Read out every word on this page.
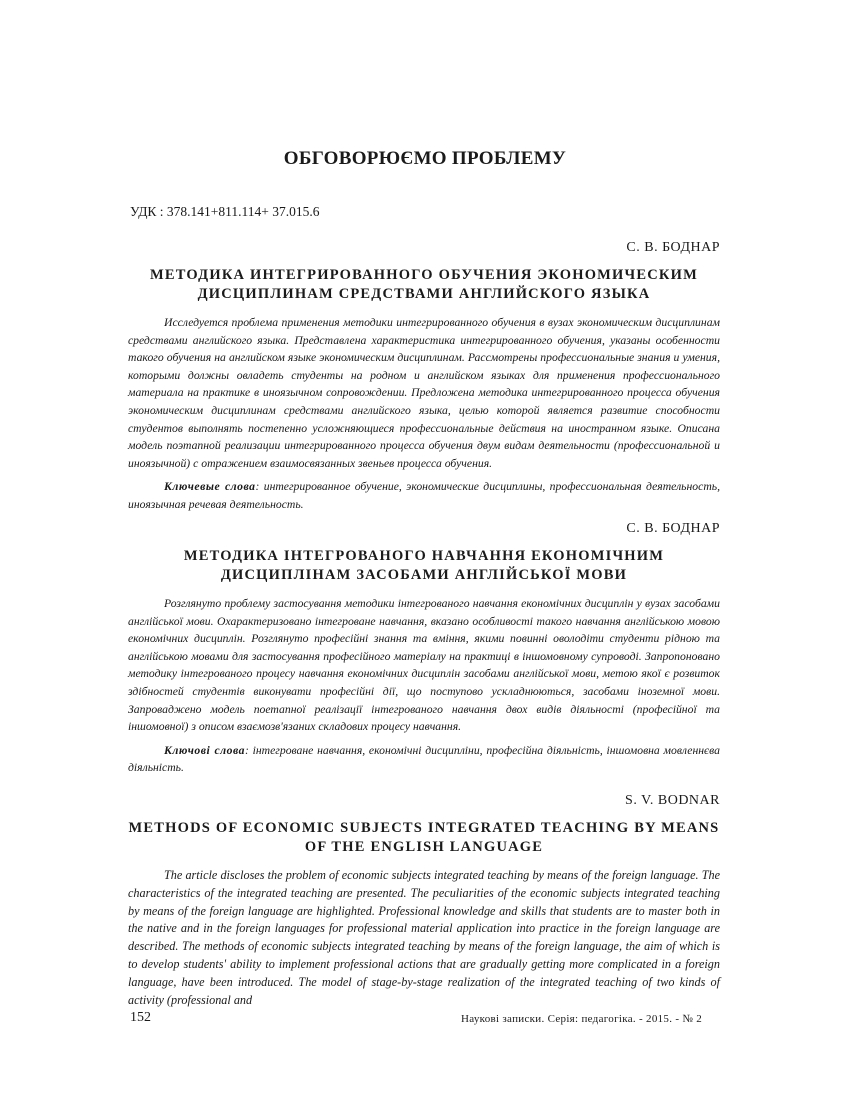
ОБГОВОРЮЄМО ПРОБЛЕМУ
УДК : 378.141+811.114+ 37.015.6
С. В. БОДНАР
МЕТОДИКА ИНТЕГРИРОВАННОГО ОБУЧЕНИЯ ЭКОНОМИЧЕСКИМ
ДИСЦИПЛИНАМ СРЕДСТВАМИ АНГЛИЙСКОГО ЯЗЫКА
Исследуется проблема применения методики интегрированного обучения в вузах экономическим дисциплинам средствами английского языка. Представлена характеристика интегрированного обучения, указаны особенности такого обучения на английском языке экономическим дисциплинам. Рассмотрены профессиональные знания и умения, которыми должны овладеть студенты на родном и английском языках для применения профессионального материала на практике в иноязычном сопровождении. Предложена методика интегрированного процесса обучения экономическим дисциплинам средствами английского языка, целью которой является развитие способности студентов выполнять постепенно усложняющиеся профессиональные действия на иностранном языке. Описана модель поэтапной реализации интегрированного процесса обучения двум видам деятельности (профессиональной и иноязычной) с отражением взаимосвязанных звеньев процесса обучения.
Ключевые слова: интегрированное обучение, экономические дисциплины, профессиональная деятельность, иноязычная речевая деятельность.
С. В. БОДНАР
МЕТОДИКА ІНТЕГРОВАНОГО НАВЧАННЯ ЕКОНОМІЧНИМ
ДИСЦИПЛІНАМ ЗАСОБАМИ АНГЛІЙСЬКОЇ МОВИ
Розглянуто проблему застосування методики інтегрованого навчання економічних дисциплін у вузах засобами англійської мови. Охарактеризовано інтегроване навчання, вказано особливості такого навчання англійською мовою економічних дисциплін. Розглянуто професійні знання та вміння, якими повинні оволодіти студенти рідною та англійською мовами для застосування професійного матеріалу на практиці в іншомовному супроводі. Запропоновано методику інтегрованого процесу навчання економічних дисциплін засобами англійської мови, метою якої є розвиток здібностей студентів виконувати професійні дії, що поступово ускладнюються, засобами іноземної мови. Запроваджено модель поетапної реалізації інтегрованого навчання двох видів діяльності (професійної та іншомовної) з описом взаємозв'язаних складових процесу навчання.
Ключові слова: інтегроване навчання, економічні дисципліни, професійна діяльність, іншомовна мовленнєва діяльність.
S. V. BODNAR
METHODS OF ECONOMIC SUBJECTS INTEGRATED TEACHING BY MEANS
OF THE ENGLISH LANGUAGE
The article discloses the problem of economic subjects integrated teaching by means of the foreign language. The characteristics of the integrated teaching are presented. The peculiarities of the economic subjects integrated teaching by means of the foreign language are highlighted. Professional knowledge and skills that students are to master both in the native and in the foreign languages for professional material application into practice in the foreign language are described. The methods of economic subjects integrated teaching by means of the foreign language, the aim of which is to develop students' ability to implement professional actions that are gradually getting more complicated in a foreign language, have been introduced. The model of stage-by-stage realization of the integrated teaching of two kinds of activity (professional and
152	Наукові записки. Серія: педагогіка. - 2015. - № 2
